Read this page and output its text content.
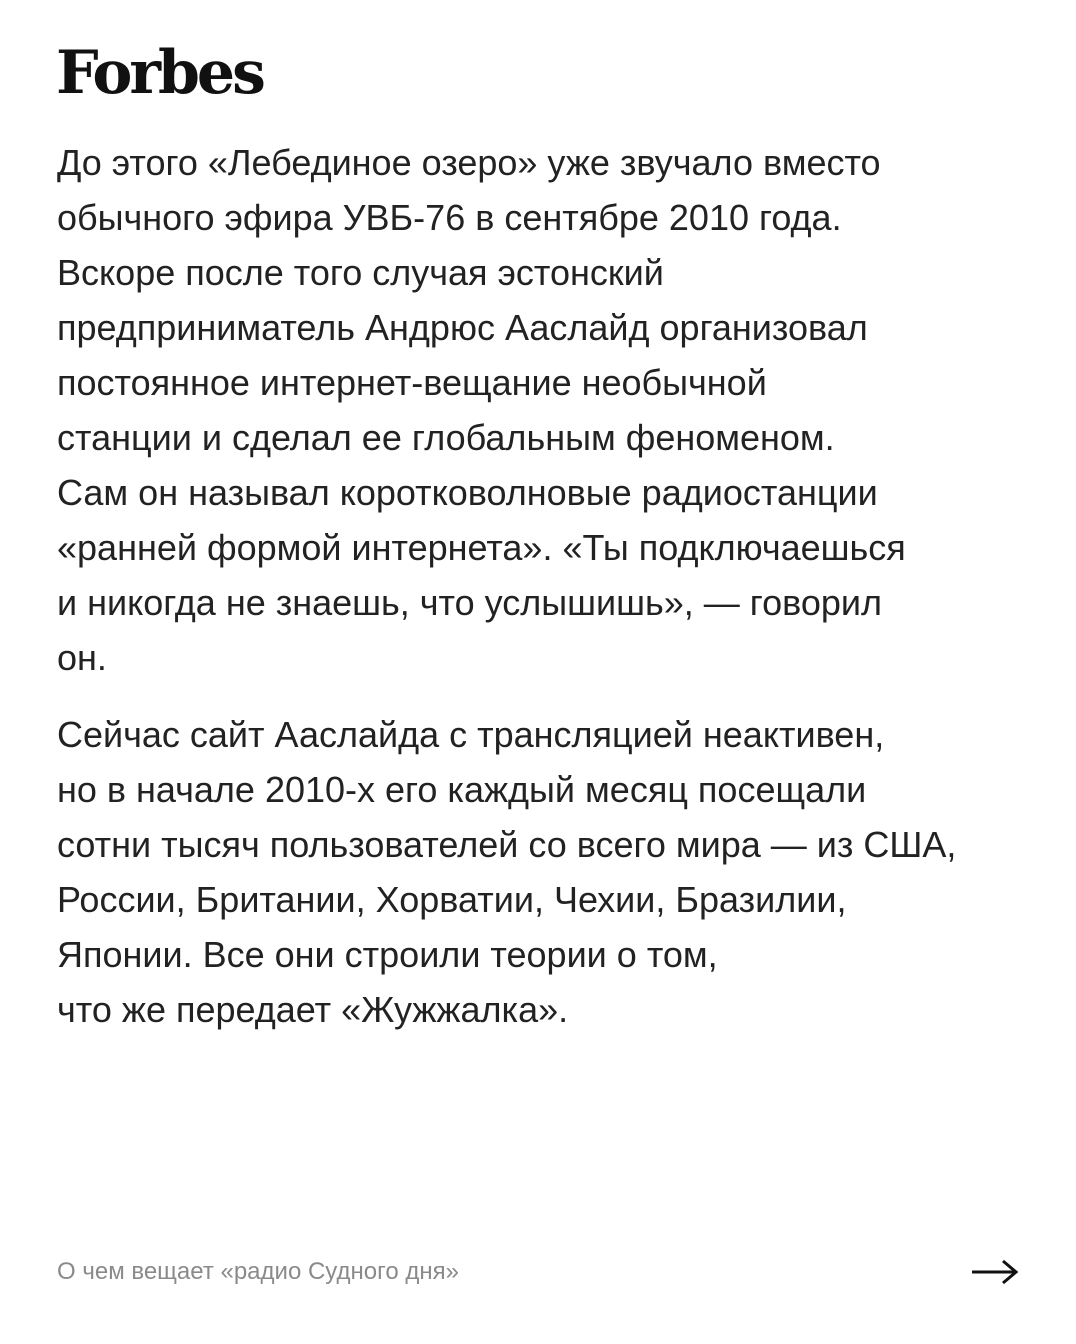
Forbes

До этого «Лебединое озеро» уже звучало вместо
обычного эфира УВБ-76 в сентябре 2010 года.
Вскоре после того случая эстонский
предприниматель Андрюс Ааслайд организовал
постоянное интернет-вещание необычной
станции и сделал ее глобальным феноменом.
Сам он называл коротковолновые радиостанции
«ранней формой интернета». «Ты подключаешься
и никогда не знаешь, что услышишь», — говорил
он.

Сейчас сайт Ааслайда с трансляцией неактивен,
но в начале 2010-х его каждый месяц посещали
сотни тысяч пользователей со всего мира — из США,
России, Британии, Хорватии, Чехии, Бразилии,
Японии. Все они строили теории о том,
что же передает «Жужжалка».

О чем вещает «радио Судного дня»
